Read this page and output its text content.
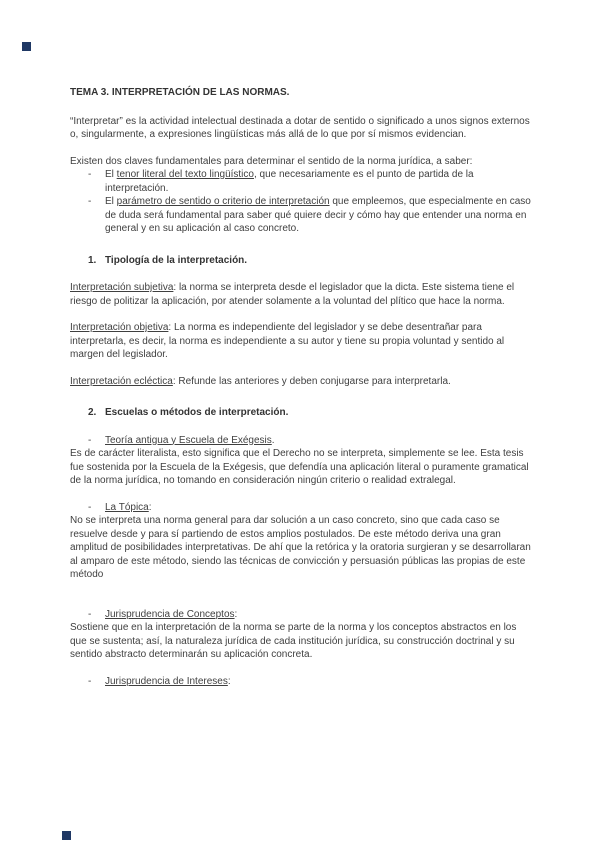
TEMA 3. INTERPRETACIÓN DE LAS NORMAS.
“Interpretar” es la actividad intelectual destinada a dotar de sentido o significado a unos signos externos o, singularmente, a expresiones lingüísticas más allá de lo que por sí mismos evidencian.
Existen dos claves fundamentales para determinar el sentido de la norma jurídica, a saber:
- El tenor literal del texto lingüístico, que necesariamente es el punto de partida de la interpretación.
- El parámetro de sentido o criterio de interpretación que empleemos, que especialmente en caso de duda será fundamental para saber qué quiere decir y cómo hay que entender una norma en general y en su aplicación al caso concreto.
1. Tipología de la interpretación.
Interpretación subjetiva: la norma se interpreta desde el legislador que la dicta. Este sistema tiene el riesgo de politizar la aplicación, por atender solamente a la voluntad del plítico que hace la norma.
Interpretación objetiva: La norma es independiente del legislador y se debe desentrañar para interpretarla, es decir, la norma es independiente a su autor y tiene su propia voluntad y sentido al margen del legislador.
Interpretación ecléctica: Refunde las anteriores y deben conjugarse para interpretarla.
2. Escuelas o métodos de interpretación.
- Teoría antigua y Escuela de Exégesis.
Es de carácter literalista, esto significa que el Derecho no se interpreta, simplemente se lee. Esta tesis fue sostenida por la Escuela de la Exégesis, que defendía una aplicación literal o puramente gramatical de la norma jurídica, no tomando en consideración ningún criterio o realidad extralegal.
- La Tópica:
No se interpreta una norma general para dar solución a un caso concreto, sino que cada caso se resuelve desde y para sí partiendo de estos amplios postulados. De este método deriva una gran amplitud de posibilidades interpretativas. De ahí que la retórica y la oratoria surgieran y se desarrollaran al amparo de este método, siendo las técnicas de convicción y persuasión públicas las propias de este método
- Jurisprudencia de Conceptos:
Sostiene que en la interpretación de la norma se parte de la norma y los conceptos abstractos en los que se sustenta; así, la naturaleza jurídica de cada institución jurídica, su construcción doctrinal y su sentido abstracto determinarán su aplicación concreta.
- Jurisprudencia de Intereses:
